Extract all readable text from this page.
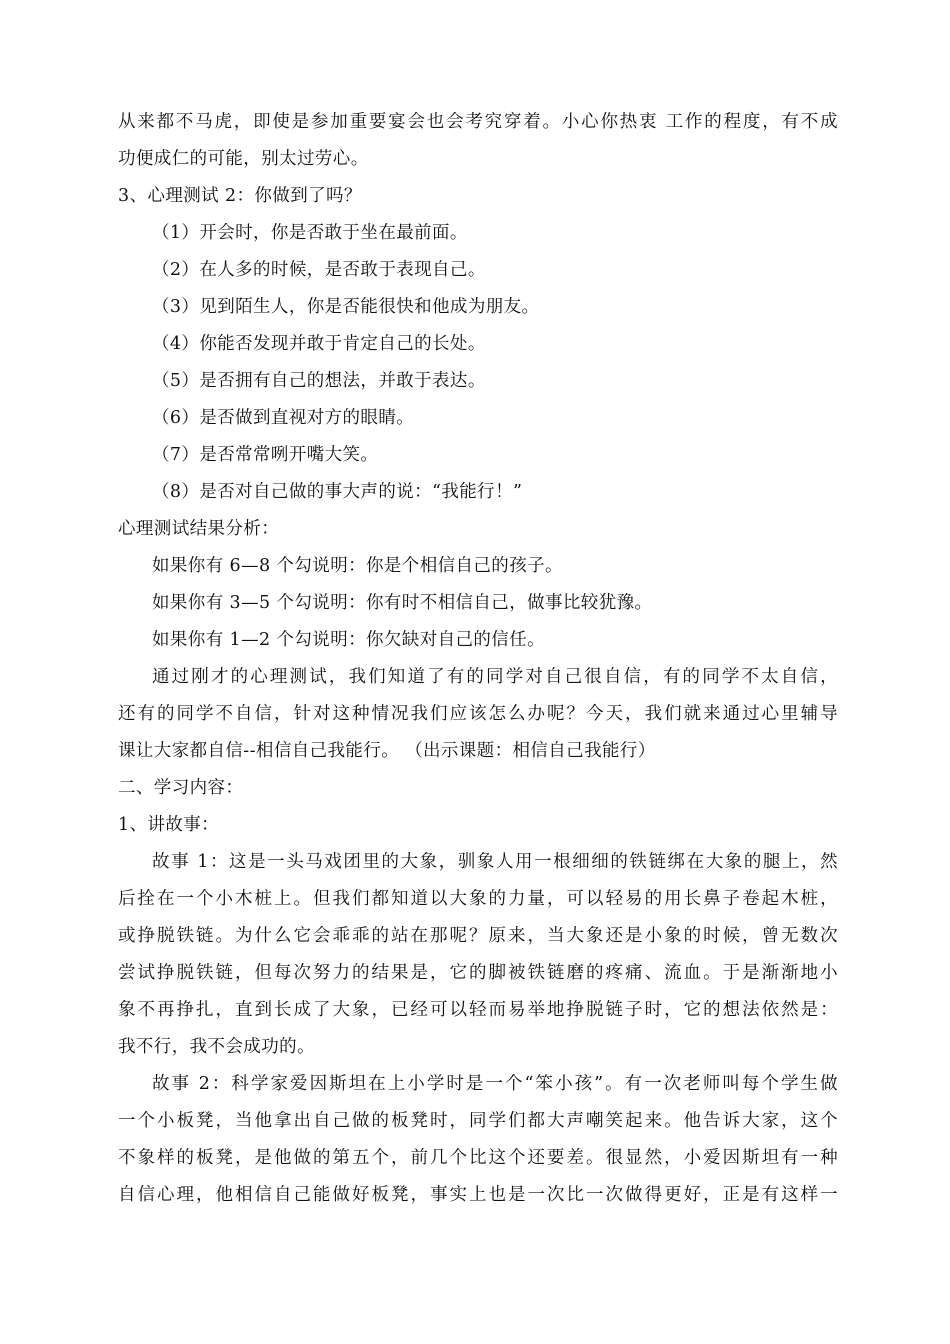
从来都不马虎，即使是参加重要宴会也会考究穿着。小心你热衷 工作的程度，有不成
功便成仁的可能，别太过劳心。
3、心理测试 2：你做到了吗？
（1）开会时，你是否敢于坐在最前面。
（2）在人多的时候，是否敢于表现自己。
（3）见到陌生人，你是否能很快和他成为朋友。
（4）你能否发现并敢于肯定自己的长处。
（5）是否拥有自己的想法，并敢于表达。
（6）是否做到直视对方的眼睛。
（7）是否常常咧开嘴大笑。
（8）是否对自己做的事大声的说：“我能行！”
心理测试结果分析：
如果你有 6—8 个勾说明：你是个相信自己的孩子。
如果你有 3—5 个勾说明：你有时不相信自己，做事比较犹豫。
如果你有 1—2 个勾说明：你欠缺对自己的信任。
通过刚才的心理测试，我们知道了有的同学对自己很自信，有的同学不太自信，
还有的同学不自信，针对这种情况我们应该怎么办呢？今天，我们就来通过心里辅导
课让大家都自信--相信自己我能行。 （出示课题：相信自己我能行）
二、学习内容：
1、讲故事：
故事 1：这是一头马戏团里的大象，驯象人用一根细细的铁链绑在大象的腿上，然
后拴在一个小木桩上。但我们都知道以大象的力量，可以轻易的用长鼻子卷起木桩，
或挣脱铁链。为什么它会乖乖的站在那呢？原来，当大象还是小象的时候，曾无数次
尝试挣脱铁链，但每次努力的结果是，它的脚被铁链磨的疼痛、流血。于是渐渐地小
象不再挣扎，直到长成了大象，已经可以轻而易举地挣脱链子时，它的想法依然是：
我不行，我不会成功的。
故事 2：科学家爱因斯坦在上小学时是一个“笨小孩”。有一次老师叫每个学生做
一个小板凳，当他拿出自己做的板凳时，同学们都大声嘲笑起来。他告诉大家，这个
不象样的板凳，是他做的第五个，前几个比这个还要差。很显然，小爱因斯坦有一种
自信心理，他相信自己能做好板凳，事实上也是一次比一次做得更好，正是有这样一
